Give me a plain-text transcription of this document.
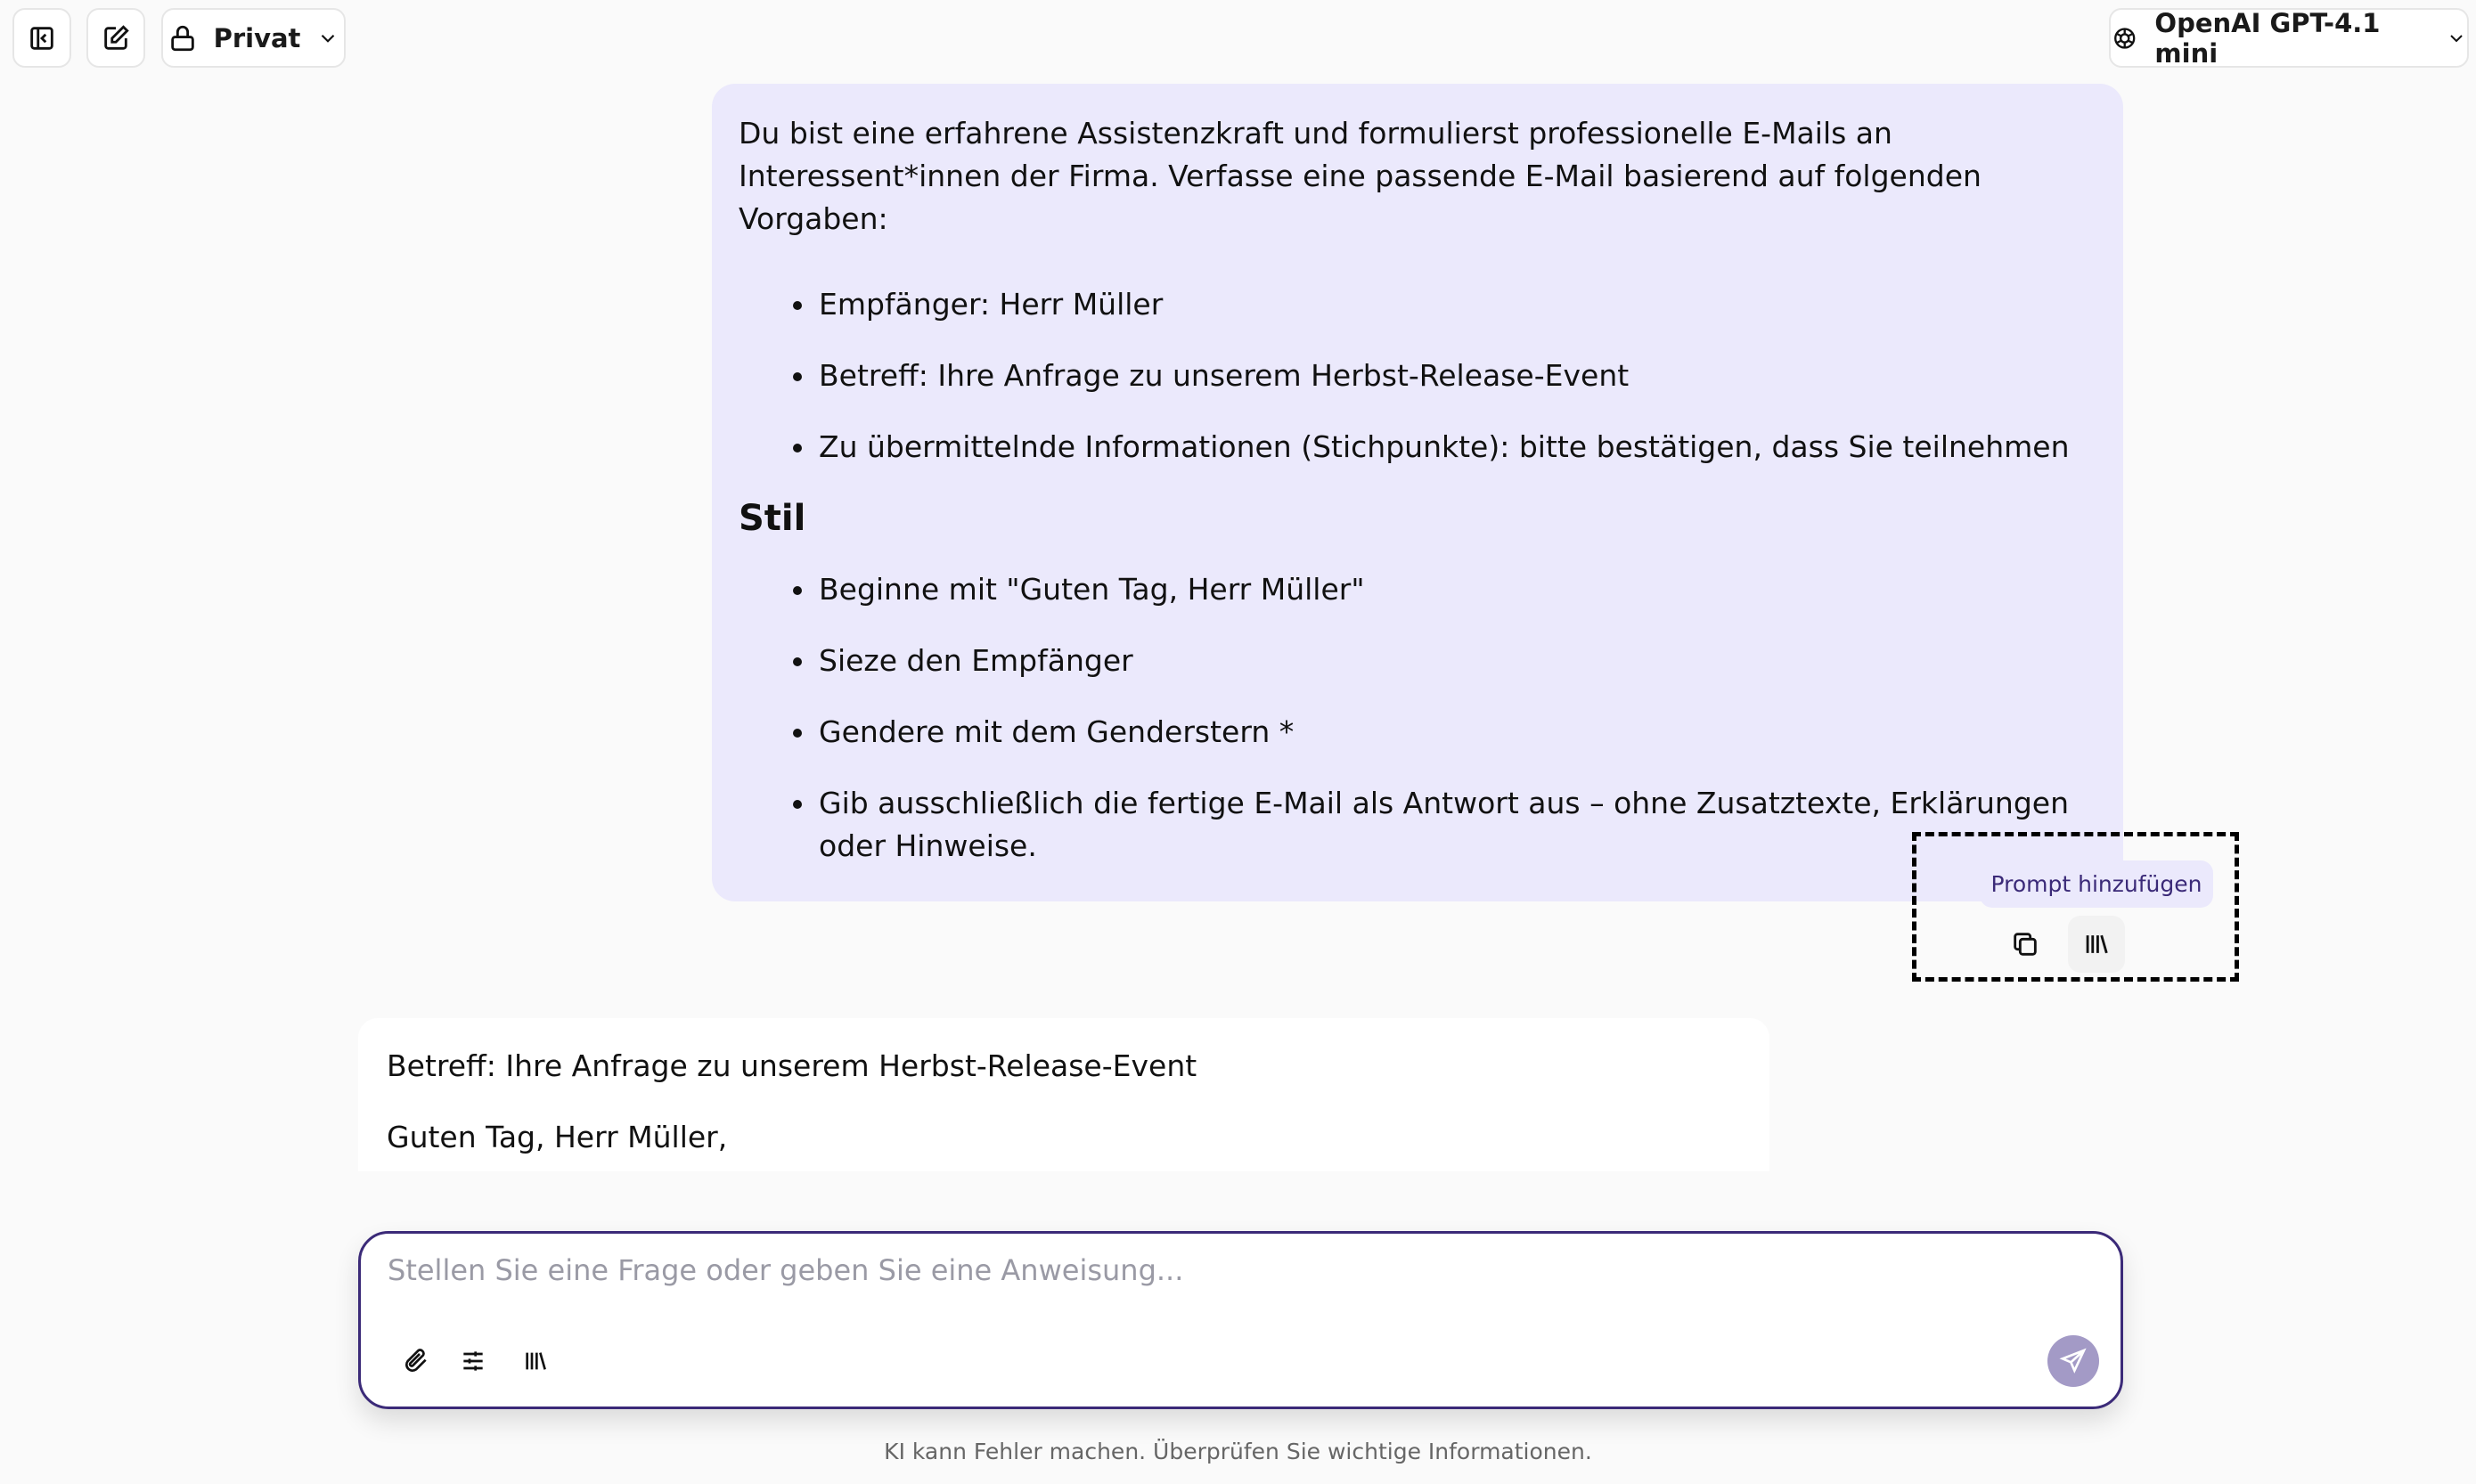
Privat	OpenAI GPT-4.1 mini

Du bist eine erfahrene Assistenzkraft und formulierst professionelle E-Mails an Interessent*innen der Firma. Verfasse eine passende E-Mail basierend auf folgenden Vorgaben:

• Empfänger: Herr Müller
• Betreff: Ihre Anfrage zu unserem Herbst-Release-Event
• Zu übermittelnde Informationen (Stichpunkte): bitte bestätigen, dass Sie teilnehmen
Stil
• Beginne mit "Guten Tag, Herr Müller"
• Sieze den Empfänger
• Gendere mit dem Genderstern *
• Gib ausschließlich die fertige E-Mail als Antwort aus – ohne Zusatztexte, Erklärungen oder Hinweise.
Prompt hinzufügen
Betreff: Ihre Anfrage zu unserem Herbst-Release-Event
Guten Tag, Herr Müller,
Stellen Sie eine Frage oder geben Sie eine Anweisung...
KI kann Fehler machen. Überprüfen Sie wichtige Informationen.
